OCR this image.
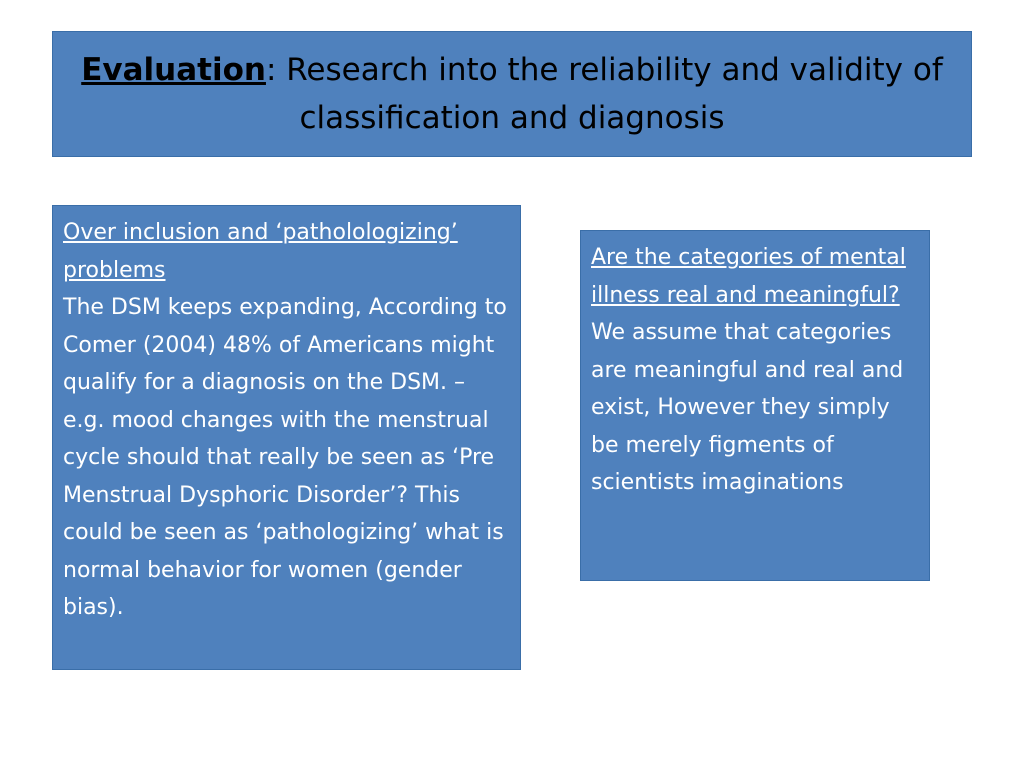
Evaluation: Research into the reliability and validity of classification and diagnosis
Over inclusion and ‘patholologizing’ problems
The DSM keeps expanding, According to Comer (2004) 48% of Americans might qualify for a diagnosis on the DSM. – e.g. mood changes with the menstrual cycle should that really be seen as ‘Pre Menstrual Dysphoric Disorder’? This could be seen as ‘pathologizing’ what is normal behavior for women (gender bias).
Are the categories of mental illness real and meaningful?
We assume that categories are meaningful and real and exist, However they simply be merely figments of scientists imaginations
